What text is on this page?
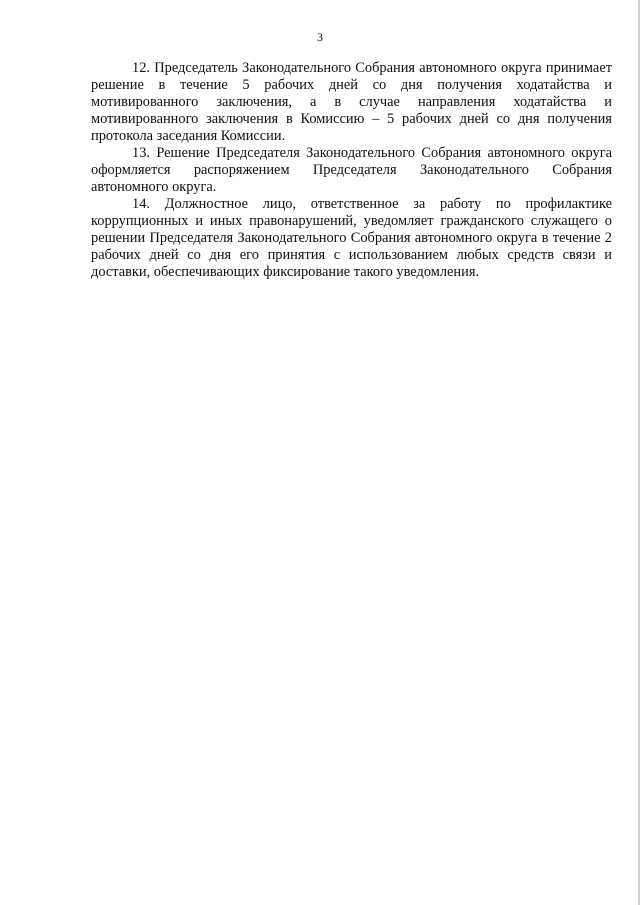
3

12. Председатель Законодательного Собрания автономного округа принимает решение в течение 5 рабочих дней со дня получения ходатайства и мотивированного заключения, а в случае направления ходатайства и мотивированного заключения в Комиссию – 5 рабочих дней со дня получения протокола заседания Комиссии.

13. Решение Председателя Законодательного Собрания автономного округа оформляется распоряжением Председателя Законодательного Собрания автономного округа.

14. Должностное лицо, ответственное за работу по профилактике коррупционных и иных правонарушений, уведомляет гражданского служащего о решении Председателя Законодательного Собрания автономного округа в течение 2 рабочих дней со дня его принятия с использованием любых средств связи и доставки, обеспечивающих фиксирование такого уведомления.
